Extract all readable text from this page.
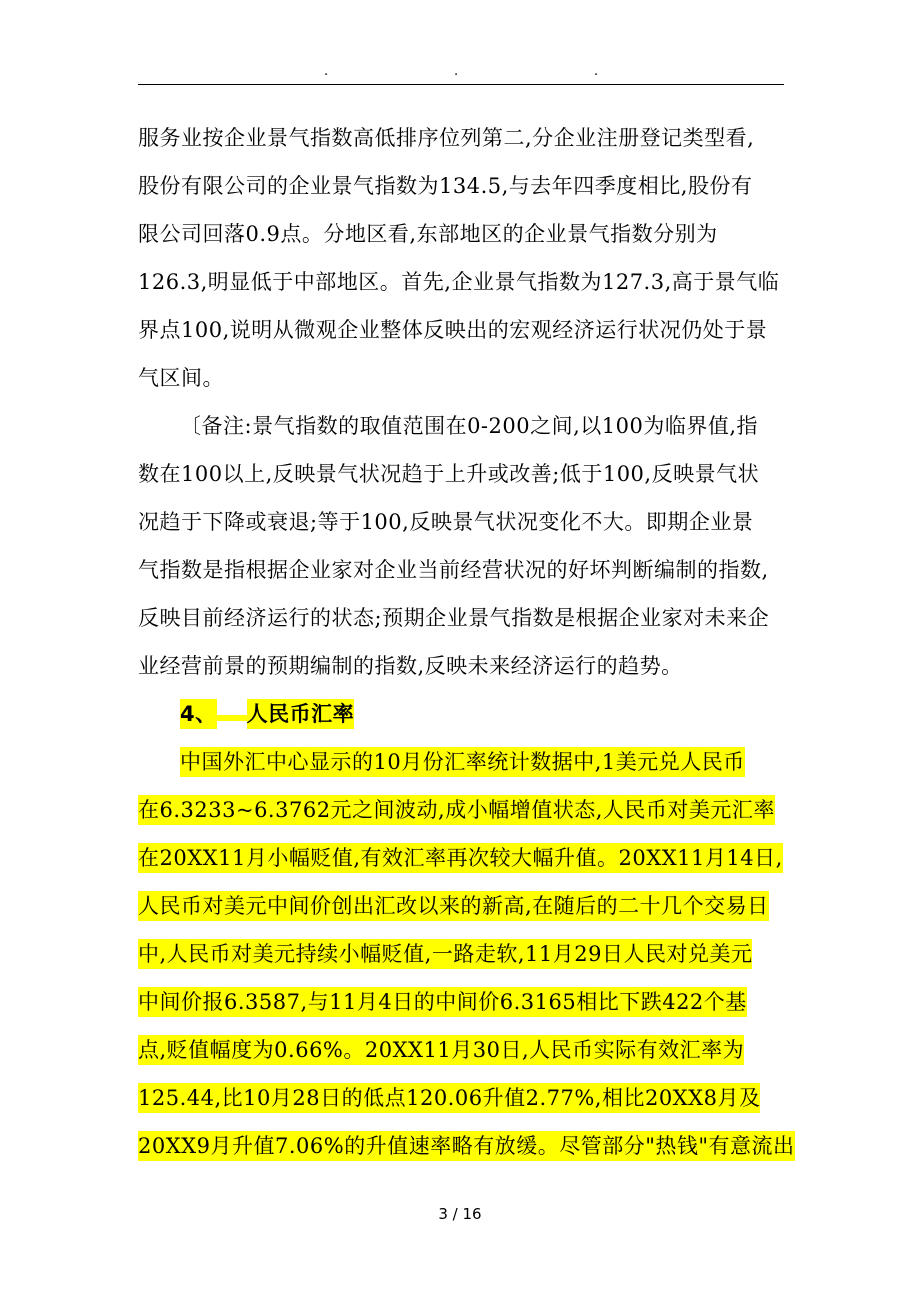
.	.	.
服务业按企业景气指数高低排序位列第二,分企业注册登记类型看,
股份有限公司的企业景气指数为134.5,与去年四季度相比,股份有
限公司回落0.9点。分地区看,东部地区的企业景气指数分别为
126.3,明显低于中部地区。首先,企业景气指数为127.3,高于景气临
界点100,说明从微观企业整体反映出的宏观经济运行状况仍处于景
气区间。
〔备注:景气指数的取值范围在0-200之间,以100为临界值,指
数在100以上,反映景气状况趋于上升或改善;低于100,反映景气状
况趋于下降或衰退;等于100,反映景气状况变化不大。即期企业景
气指数是指根据企业家对企业当前经营状况的好坏判断编制的指数,
反映目前经济运行的状态;预期企业景气指数是根据企业家对未来企
业经营前景的预期编制的指数,反映未来经济运行的趋势。
4、 人民币汇率
中国外汇中心显示的10月份汇率统计数据中,1美元兑人民币
在6.3233~6.3762元之间波动,成小幅增值状态,人民币对美元汇率
在20XX11月小幅贬值,有效汇率再次较大幅升值。20XX11月14日,
人民币对美元中间价创出汇改以来的新高,在随后的二十几个交易日
中,人民币对美元持续小幅贬值,一路走软,11月29日人民对兑美元
中间价报6.3587,与11月4日的中间价6.3165相比下跌422个基
点,贬值幅度为0.66%。20XX11月30日,人民币实际有效汇率为
125.44,比10月28日的低点120.06升值2.77%,相比20XX8月及
20XX9月升值7.06%的升值速率略有放缓。尽管部分"热钱"有意流出
3 / 16
